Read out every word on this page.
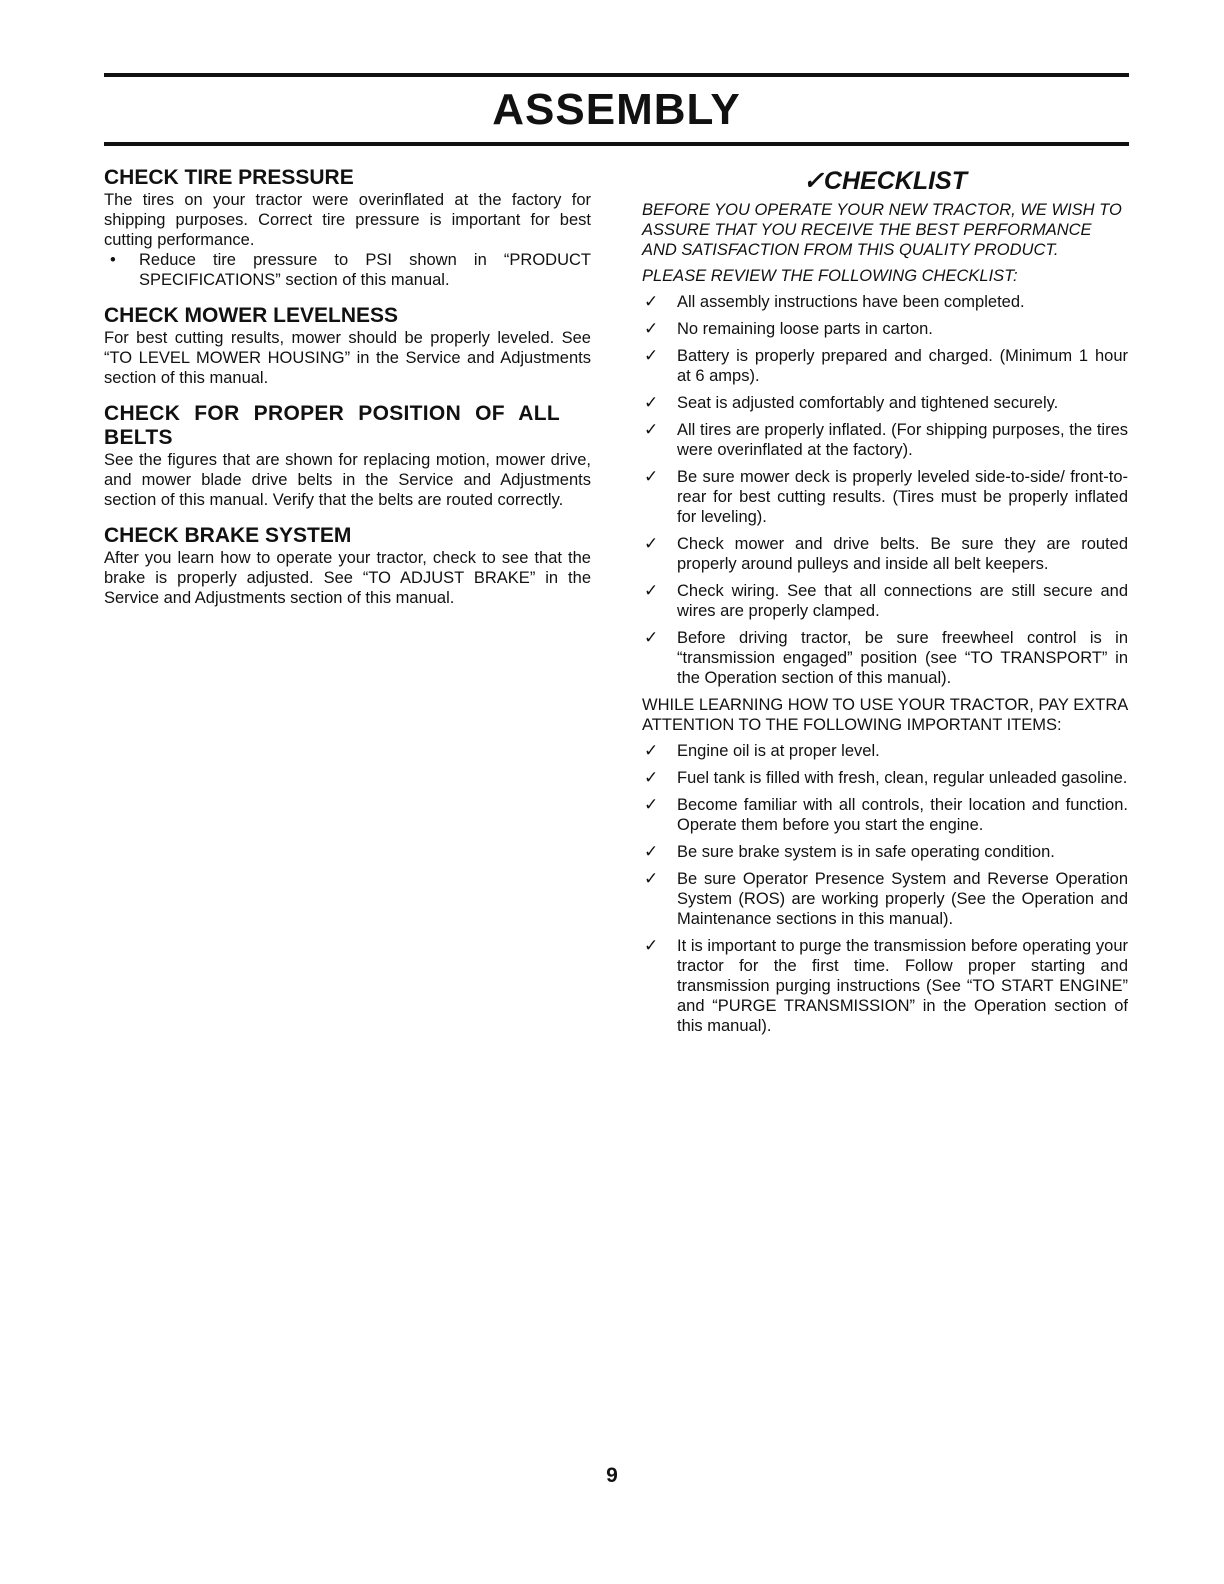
ASSEMBLY
CHECK TIRE PRESSURE

The tires on your tractor were overinflated at the factory for shipping purposes. Correct tire pressure is important for best cutting performance.

•	Reduce tire pressure to PSI shown in “PRODUCT SPECIFICATIONS” section of this manual.
CHECK MOWER LEVELNESS

For best cutting results, mower should be properly leveled. See “TO LEVEL MOWER HOUSING” in the Service and Adjustments section of this manual.

CHECK FOR PROPER POSITION OF ALL BELTS

See the figures that are shown for replacing motion, mower drive, and mower blade drive belts in the Service and Adjustments section of this manual. Verify that the belts are routed correctly.

CHECK BRAKE SYSTEM

After you learn how to operate your tractor, check to see that the brake is properly adjusted. See “TO ADJUST BRAKE” in the Service and Adjustments section of this manual.

✓CHECKLIST

BEFORE YOU OPERATE YOUR NEW TRACTOR, WE WISH TO ASSURE THAT YOU RECEIVE THE BEST PERFORMANCE AND SATISFACTION FROM THIS QUALITY PRODUCT.

PLEASE REVIEW THE FOLLOWING CHECKLIST:

✓	All assembly instructions have been completed.
✓	No remaining loose parts in carton.
✓	Battery is properly prepared and charged. (Minimum 1 hour at 6 amps).
✓	Seat is adjusted comfortably and tightened securely.
✓	All tires are properly inflated. (For shipping purposes, the tires were overinflated at the factory).
✓	Be sure mower deck is properly leveled side-to-side/ front-to-rear for best cutting results. (Tires must be properly inflated for leveling).
✓	Check mower and drive belts. Be sure they are routed properly around pulleys and inside all belt keepers.
✓	Check wiring. See that all connections are still secure and wires are properly clamped.
✓	Before driving tractor, be sure freewheel control is in “transmission engaged” position (see “TO TRANSPORT” in the Operation section of this manual).

WHILE LEARNING HOW TO USE YOUR TRACTOR, PAY EXTRA ATTENTION TO THE FOLLOWING IMPORTANT ITEMS:

✓	Engine oil is at proper level.
✓	Fuel tank is filled with fresh, clean, regular unleaded gasoline.
✓	Become familiar with all controls, their location and function. Operate them before you start the engine.
✓	Be sure brake system is in safe operating condition.
✓	Be sure Operator Presence System and Reverse Operation System (ROS) are working properly (See the Operation and Maintenance sections in this manual).
✓	It is important to purge the transmission before operating your tractor for the first time. Follow proper starting and transmission purging instructions (See “TO START ENGINE” and “PURGE TRANSMISSION” in the Operation section of this manual).
9
